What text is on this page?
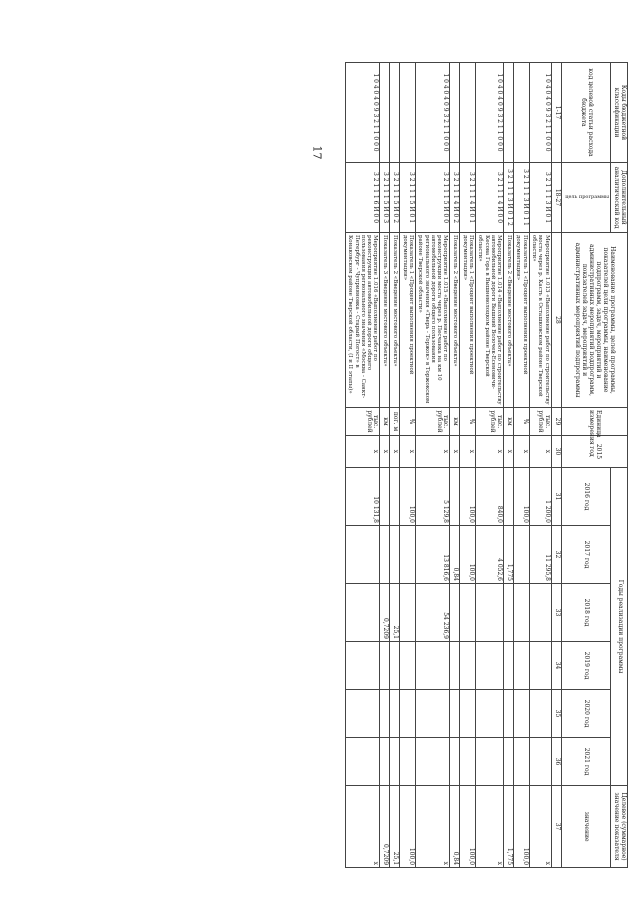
17
Коды бюджетной классификации	Дополнительный аналитический код	Наименование программы, целей программы, показателей цели программы, наименование подпрограмм, задач, мероприятий и административных мероприятий подпрограмм, показателей задач, мероприятий и административных мероприятий подпрограммы	Единица измерения	2015 год	Годы реализации программы						Целевое (суммарное) значение показателя
код целевой статьи расхода бюджета	цель программы				2016 год	2017 год	2018 год	2019 год	2020 год	2021 год	значение
1-17	18-27	28	29	30	31	32	33	34	35	36	37
1 0 4 0 4 0 9 3 2 1 1 0 0 0	3 2 1 1 1 3 И 0 1	Мероприятие 1.013 «Выполнение работ по строительству моста через р. Касть в Осташковском районе Тверской области»	тыс. рублей	х	1 200,0	11 295,8					х
	3 2 1 1 1 3 И 0 1 1	Показатель 1 «Процент выполнения проектной документации»	%	х	100,0						100,0
	3 2 1 1 1 3 И 0 1 2	Показатель 2 «Введение мостового объекта»	км	х		1,775					1,775
1 0 4 0 4 0 9 3 2 1 1 0 0 0	3 2 1 1 1 4 И 0 0	Мероприятие 1.014 «Выполнение работ по строительству автомобильной дороги Вышний Волочек-Есеновичи-Кесова Гора в Вышневолоцком районе Тверской области»	тыс. рублей	х	840,0	4 052,6					х
	3 2 1 1 1 4 И 0 1	Показатель 1 «Процент выполнения проектной документации»	%	х	100,0	100,0					100,0
	3 2 1 1 1 4 И 0 2	Показатель 2 «Введение мостового объекта»	км	х		0,84					0,84
1 0 4 0 4 0 9 3 2 1 1 0 0 0	3 2 1 1 1 5 И 0 0	Мероприятие 1.015 «Выполнение работ по реконструкции моста через р. Песчанка на км 10 автомобильной дороги общего пользования регионального значения «Тверь - Торжок» в Торжокском районе Тверской области»	тыс. рублей	х	5 129,8	13 816,6	54 236,9				х
	3 2 1 1 1 5 И 0 1	Показатель 1 «Процент выполнения проектной документации»	%	х	100,0						100,0
	3 2 1 1 1 5 И 0 2	Показатель 2 «Введение мостового объекта»	пог. м	х			25,1				25,1
	3 2 1 1 1 5 И 0 3	Показатель 3 «Введение мостового объекта»	км	х			0,7209				0,7209
1 0 4 0 4 0 9 3 2 1 1 0 0 0	3 2 1 1 1 6 И 0 0	Мероприятие 1.016 «Выполнение работ по реконструкции автомобильной дороги общего пользования регионального значения «Москва - Санкт-Петербург - Чуприяновка - Старый Погост» в Конаковском районе Тверской области, (I и II этапы)»	тыс. рублей	х	10 131,8						х
